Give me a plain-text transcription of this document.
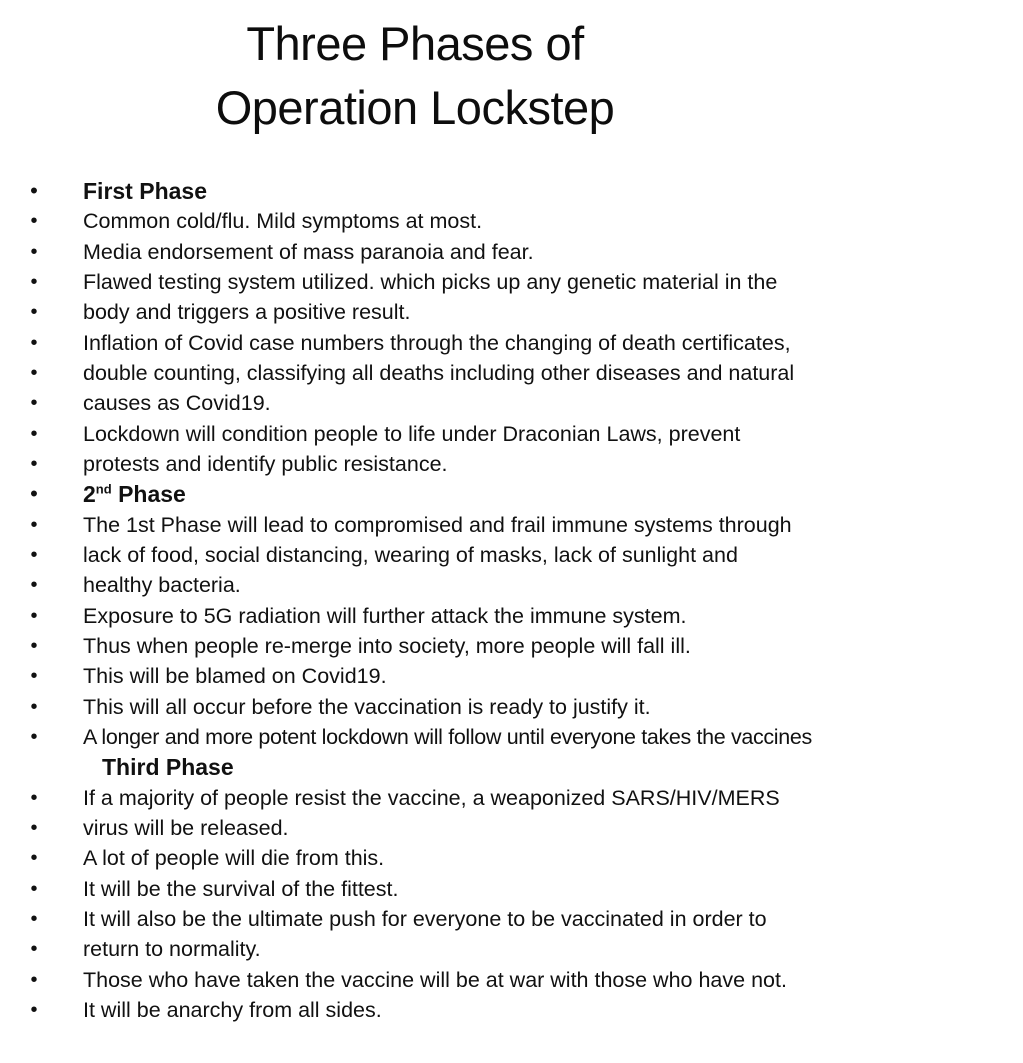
Three Phases of
Operation Lockstep
• First Phase
• Common cold/flu. Mild symptoms at most.
• Media endorsement of mass paranoia and fear.
• Flawed testing system utilized. which picks up any genetic material in the
• body and triggers a positive result.
• Inflation of Covid case numbers through the changing of death certificates,
• double counting, classifying all deaths including other diseases and natural
• causes as Covid19.
• Lockdown will condition people to life under Draconian Laws, prevent
• protests and identify public resistance.
• 2nd Phase
• The 1st Phase will lead to compromised and frail immune systems through
• lack of food, social distancing, wearing of masks, lack of sunlight and
• healthy bacteria.
• Exposure to 5G radiation will further attack the immune system.
• Thus when people re-merge into society, more people will fall ill.
• This will be blamed on Covid19.
• This will all occur before the vaccination is ready to justify it.
• A longer and more potent lockdown will follow until everyone takes the vaccines
Third Phase
• If a majority of people resist the vaccine, a weaponized SARS/HIV/MERS
• virus will be released.
• A lot of people will die from this.
• It will be the survival of the fittest.
• It will also be the ultimate push for everyone to be vaccinated in order to
• return to normality.
• Those who have taken the vaccine will be at war with those who have not.
• It will be anarchy from all sides.
